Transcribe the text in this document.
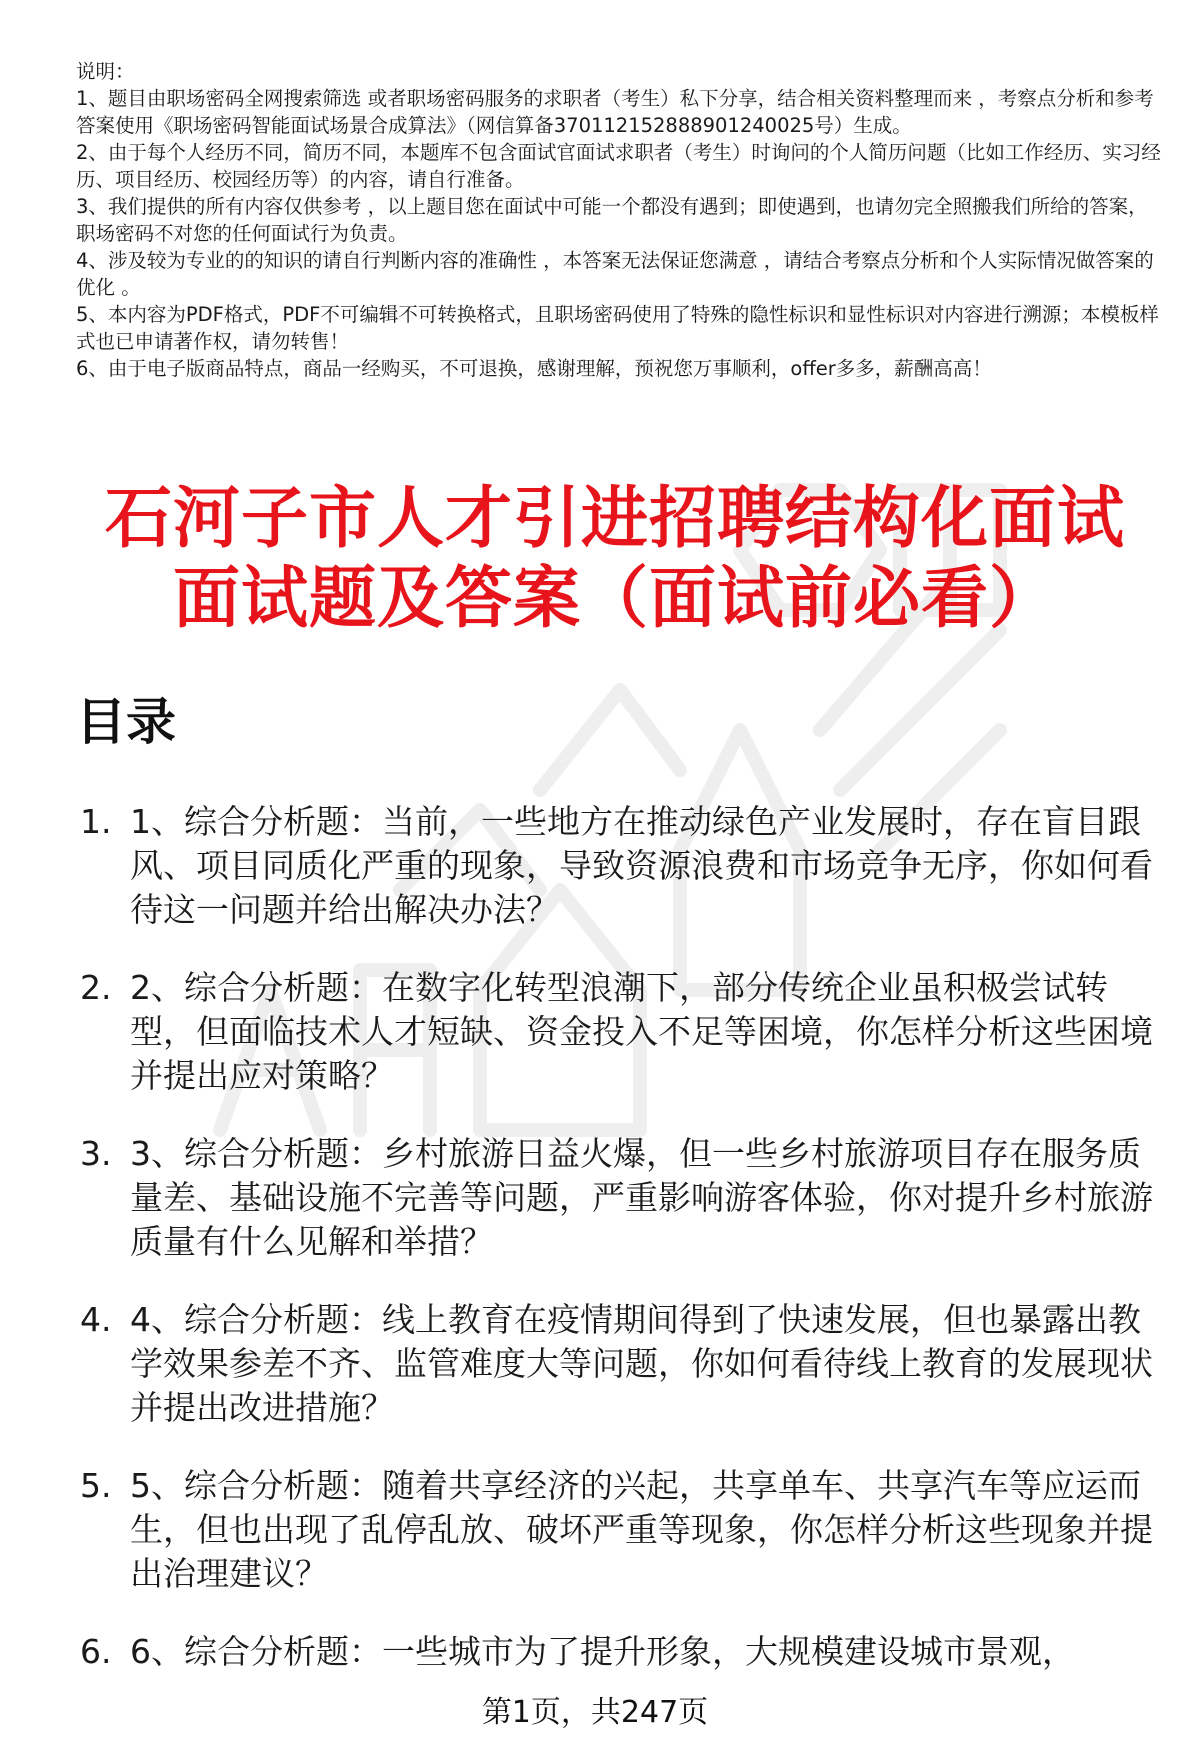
说明：

1、题目由职场密码全网搜索筛选 或者职场密码服务的求职者（考生）私下分享，结合相关资料整理而来 ，考察点分析和参考答案使用《职场密码智能面试场景合成算法》（网信算备370112152888901240025号）生成。

2、由于每个人经历不同，简历不同，本题库不包含面试官面试求职者（考生）时询问的个人简历问题（比如工作经历、实习经历、项目经历、校园经历等）的内容，请自行准备。

3、我们提供的所有内容仅供参考 ，以上题目您在面试中可能一个都没有遇到；即使遇到，也请勿完全照搬我们所给的答案，职场密码不对您的任何面试行为负责。

4、涉及较为专业的的知识的请自行判断内容的准确性 ，本答案无法保证您满意 ，请结合考察点分析和个人实际情况做答案的优化 。

5、本内容为PDF格式，PDF不可编辑不可转换格式，且职场密码使用了特殊的隐性标识和显性标识对内容进行溯源；本模板样式也已申请著作权，请勿转售！

6、由于电子版商品特点，商品一经购买，不可退换，感谢理解，预祝您万事顺利，offer多多，薪酬高高！

石河子市人才引进招聘结构化面试
面试题及答案（面试前必看）
目录
1. 1、综合分析题：当前，一些地方在推动绿色产业发展时，存在盲目跟风、项目同质化严重的现象，导致资源浪费和市场竞争无序，你如何看待这一问题并给出解决办法？
2. 2、综合分析题：在数字化转型浪潮下，部分传统企业虽积极尝试转型，但面临技术人才短缺、资金投入不足等困境，你怎样分析这些困境并提出应对策略？
3. 3、综合分析题：乡村旅游日益火爆，但一些乡村旅游项目存在服务质量差、基础设施不完善等问题，严重影响游客体验，你对提升乡村旅游质量有什么见解和举措？
4. 4、综合分析题：线上教育在疫情期间得到了快速发展，但也暴露出教学效果参差不齐、监管难度大等问题，你如何看待线上教育的发展现状并提出改进措施？
5. 5、综合分析题：随着共享经济的兴起，共享单车、共享汽车等应运而生，但也出现了乱停乱放、破坏严重等现象，你怎样分析这些现象并提出治理建议？
6. 6、综合分析题：一些城市为了提升形象，大规模建设城市景观，
第1页，共247页
